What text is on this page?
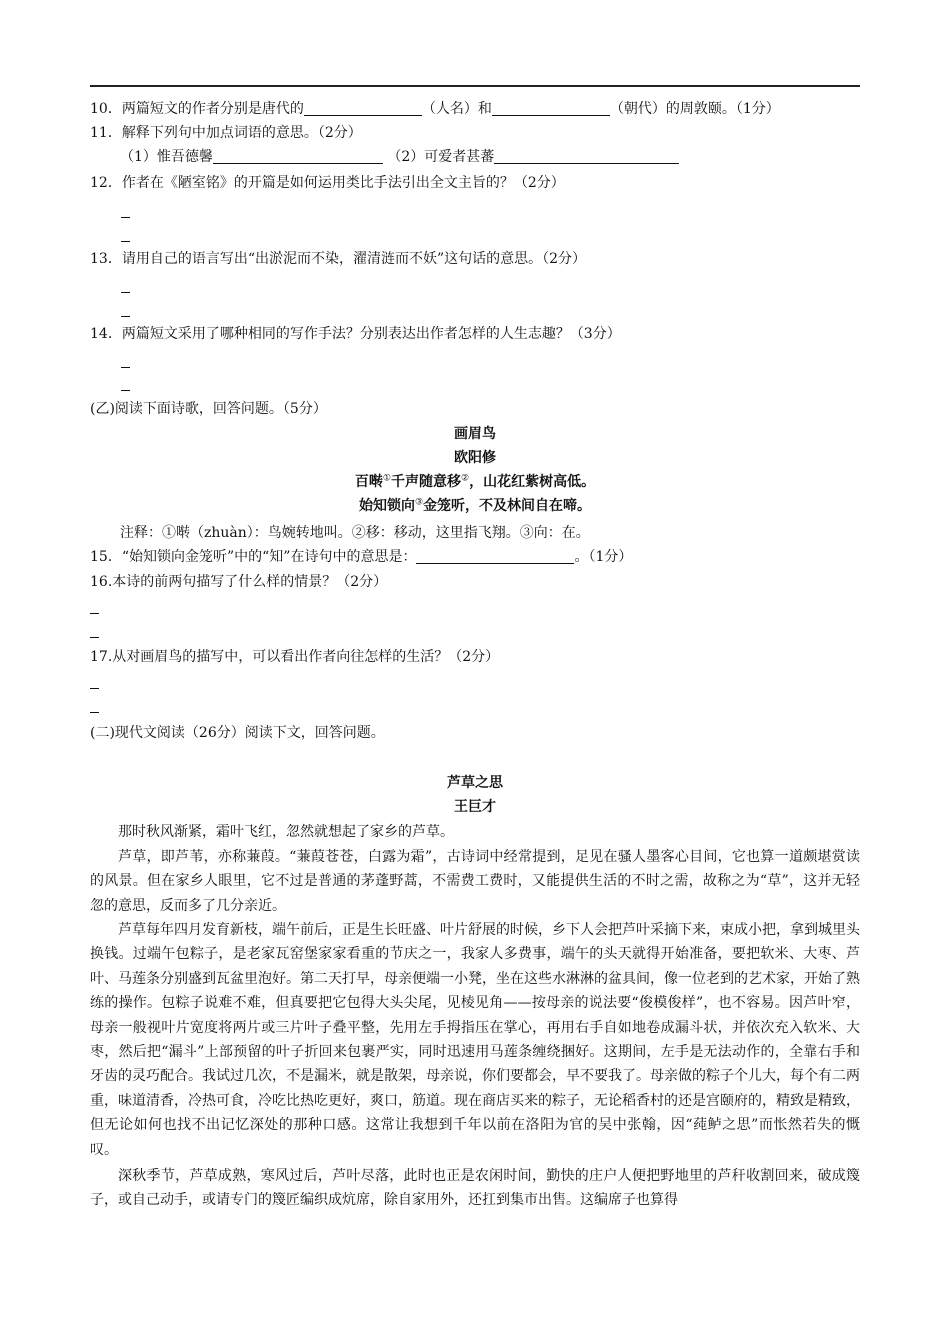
10．两篇短文的作者分别是唐代的	（人名）和	（朝代）的周敦颐。（1分）
11．解释下列句中加点词语的意思。（2分）
（1）惟吾德馨	（2）可爱者甚蕃
12．作者在《陋室铭》的开篇是如何运用类比手法引出全文主旨的？（2分）
13．请用自己的语言写出“出淤泥而不染，濯清涟而不妖”这句话的意思。（2分）
14．两篇短文采用了哪种相同的写作手法？分别表达出作者怎样的人生志趣？（3分）
(乙)阅读下面诗歌，回答问题。（5分）
画眉鸟
欧阳修
百啭①千声随意移②，山花红紫树高低。
始知锁向③金笼听，不及林间自在啼。
注释：①啭（zhuàn）：鸟婉转地叫。②移：移动，这里指飞翔。③向：在。
15．“始知锁向金笼听”中的“知”在诗句中的意思是：	。（1分）
16.本诗的前两句描写了什么样的情景？（2分）
17.从对画眉鸟的描写中，可以看出作者向往怎样的生活？（2分）
(二)现代文阅读（26分）阅读下文，回答问题。
芦草之思
王巨才

那时秋风渐紧，霜叶飞红，忽然就想起了家乡的芦草。

芦草，即芦苇，亦称蒹葭。“蒹葭苍苍，白露为霜”，古诗词中经常提到，足见在骚人墨客心目间，它也算一道颇堪赏读的风景。但在家乡人眼里，它不过是普通的茅蓬野蒿，不需费工费时，又能提供生活的不时之需，故称之为“草”，这并无轻忽的意思，反而多了几分亲近。

芦草每年四月发育新枝，端午前后，正是生长旺盛、叶片舒展的时候，乡下人会把芦叶采摘下来，束成小把，拿到城里头换钱。过端午包粽子，是老家瓦窑堡家家看重的节庆之一，我家人多费事，端午的头天就得开始准备，要把软米、大枣、芦叶、马莲条分别盛到瓦盆里泡好。第二天打早，母亲便端一小凳，坐在这些水淋淋的盆具间，像一位老到的艺术家，开始了熟练的操作。包粽子说难不难，但真要把它包得大头尖尾，见棱见角——按母亲的说法要“俊模俊样”，也不容易。因芦叶窄，母亲一般视叶片宽度将两片或三片叶子叠平整，先用左手拇指压在掌心，再用右手自如地卷成漏斗状，并依次充入软米、大枣，然后把“漏斗”上部预留的叶子折回来包裹严实，同时迅速用马莲条缠绕捆好。这期间，左手是无法动作的，全靠右手和牙齿的灵巧配合。我试过几次，不是漏米，就是散架，母亲说，你们要都会，早不要我了。母亲做的粽子个儿大，每个有二两重，味道清香，冷热可食，冷吃比热吃更好，爽口，筋道。现在商店买来的粽子，无论稻香村的还是宫颐府的，精致是精致，但无论如何也找不出记忆深处的那种口感。这常让我想到千年以前在洛阳为官的吴中张翰，因“莼鲈之思”而怅然若失的慨叹。

深秋季节，芦草成熟，寒风过后，芦叶尽落，此时也正是农闲时间，勤快的庄户人便把野地里的芦秆收割回来，破成篾子，或自己动手，或请专门的篾匠编织成炕席，除自家用外，还扛到集市出售。这编席子也算得
